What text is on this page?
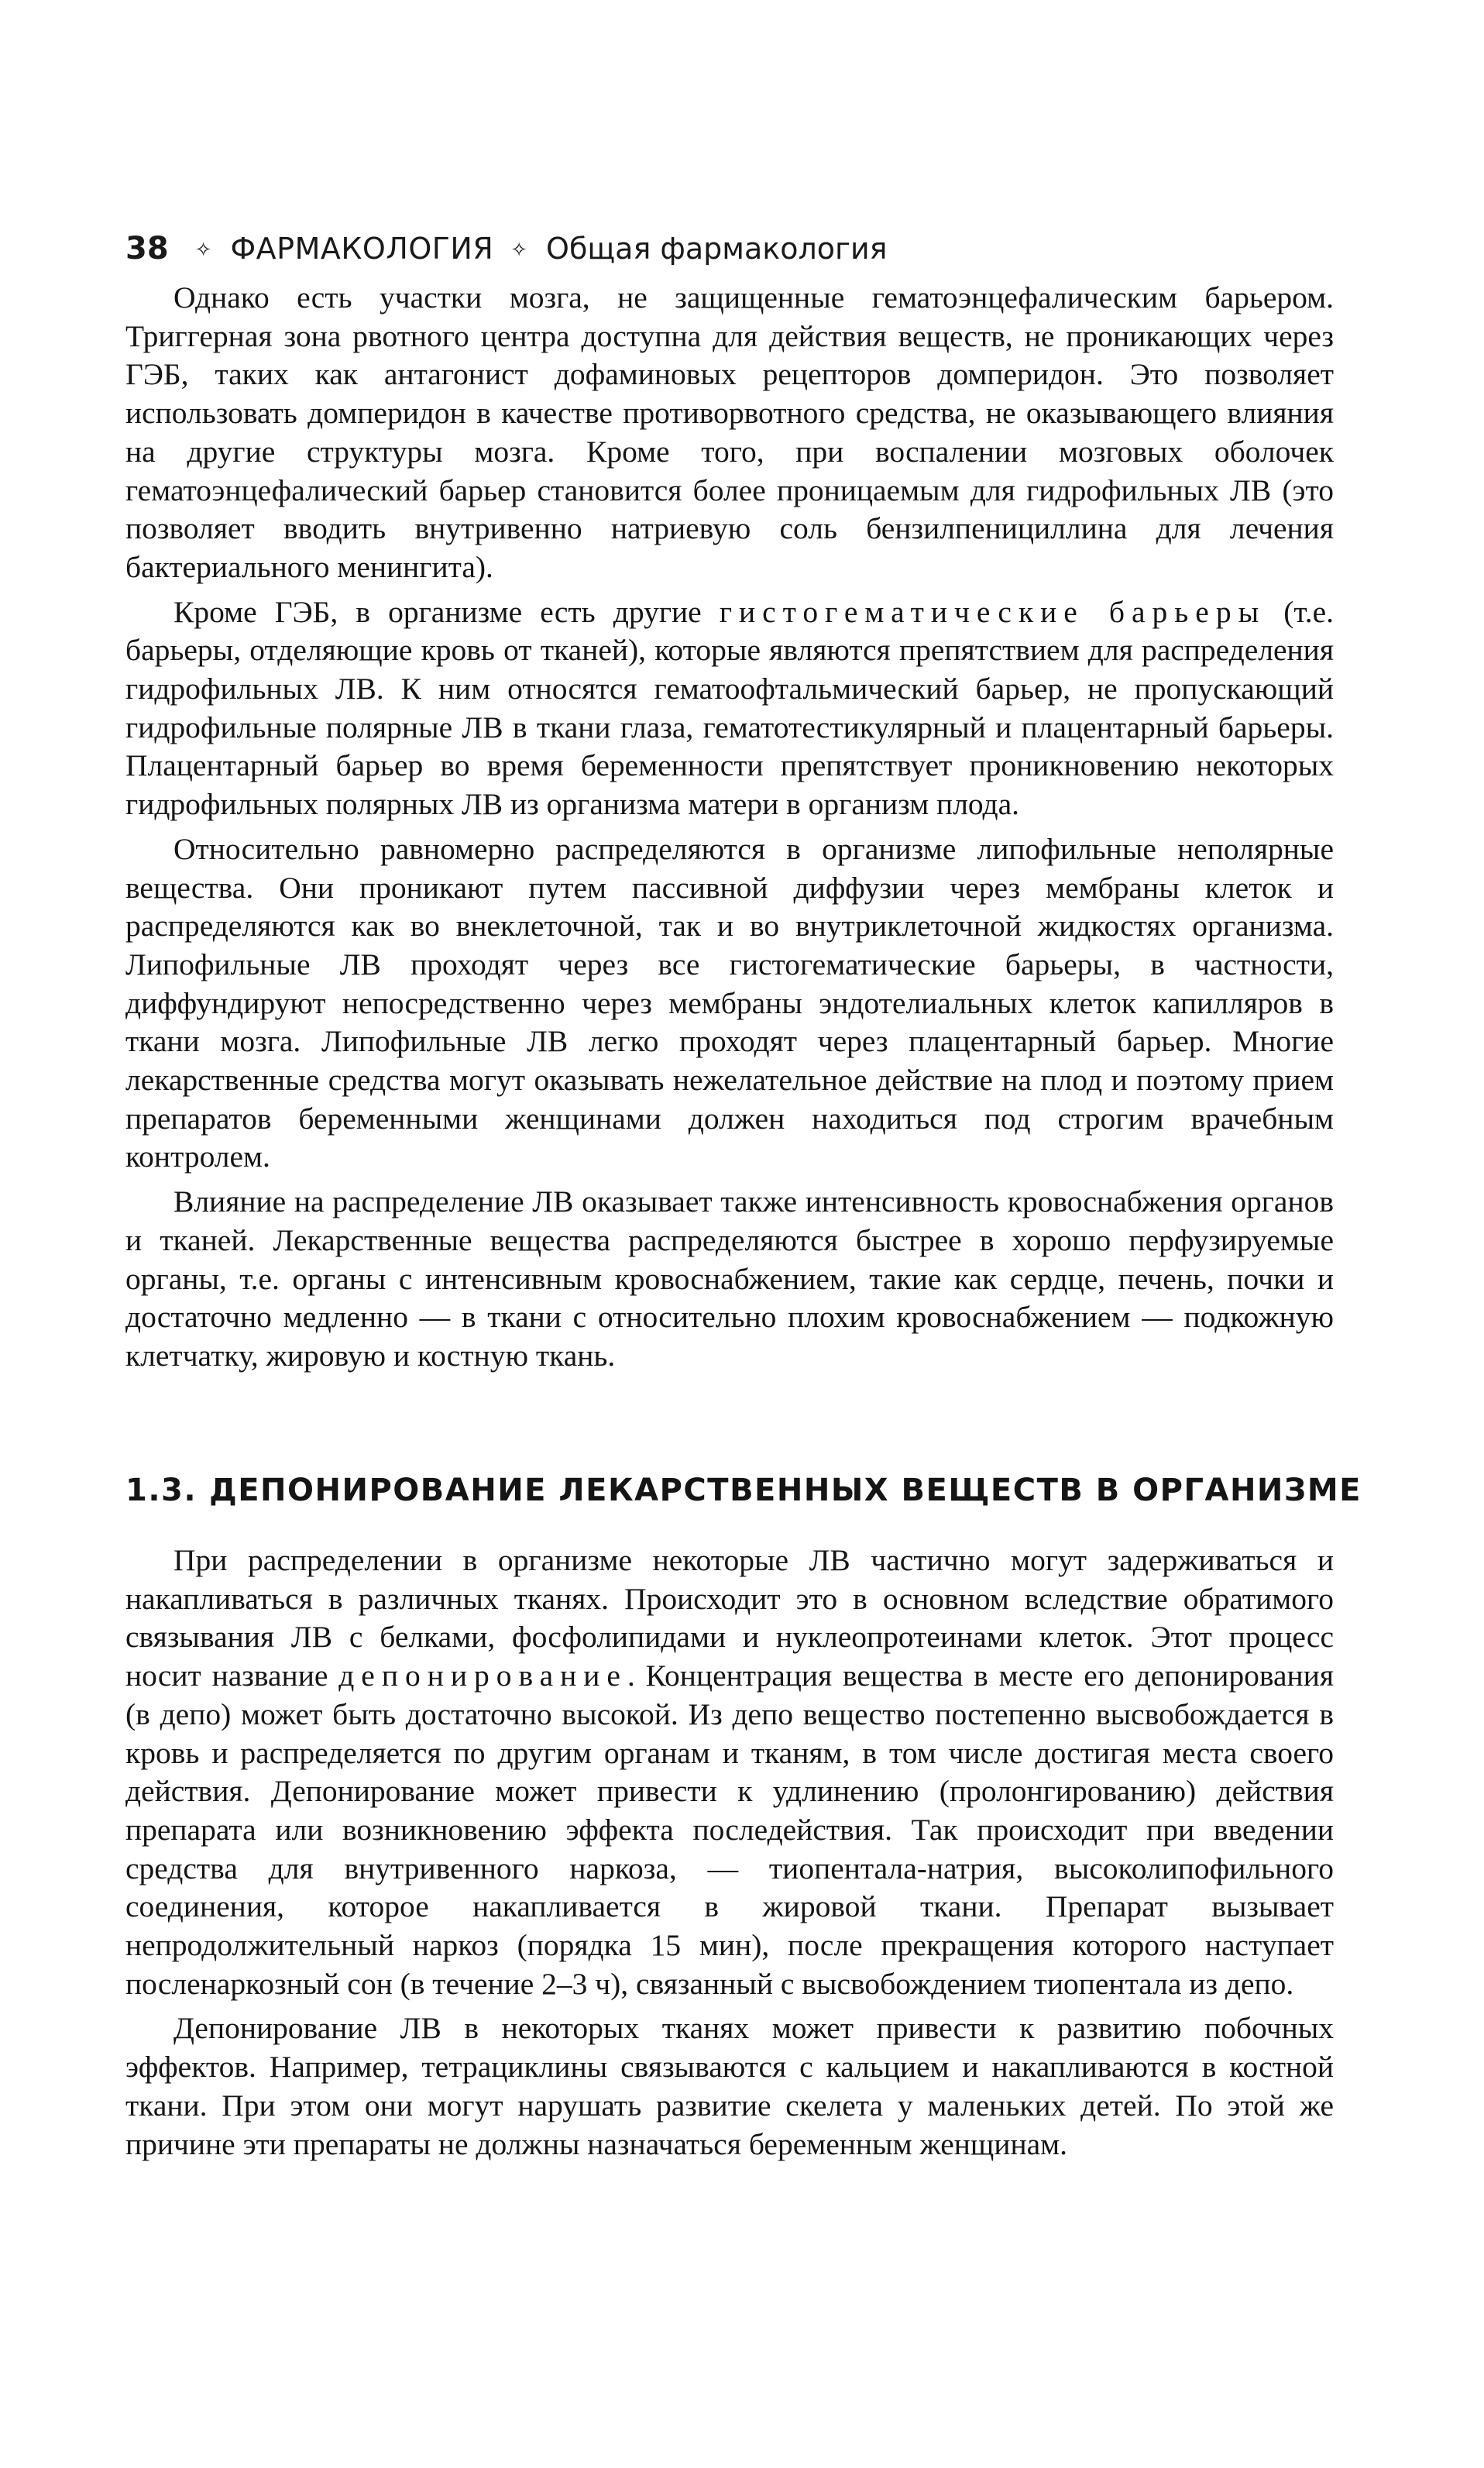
38 ✧ ФАРМАКОЛОГИЯ ✧ Общая фармакология

Однако есть участки мозга, не защищенные гематоэнцефалическим барьером. Триггерная зона рвотного центра доступна для действия веществ, не проникающих через ГЭБ, таких как антагонист дофаминовых рецепторов домперидон. Это позволяет использовать домперидон в качестве противорвотного средства, не оказывающего влияния на другие структуры мозга. Кроме того, при воспалении мозговых оболочек гематоэнцефалический барьер становится более проницаемым для гидрофильных ЛВ (это позволяет вводить внутривенно натриевую соль бензилпенициллина для лечения бактериального менингита).

Кроме ГЭБ, в организме есть другие гистогематические барьеры (т.е. барьеры, отделяющие кровь от тканей), которые являются препятствием для распределения гидрофильных ЛВ. К ним относятся гематоофтальмический барьер, не пропускающий гидрофильные полярные ЛВ в ткани глаза, гематотестикулярный и плацентарный барьеры. Плацентарный барьер во время беременности препятствует проникновению некоторых гидрофильных полярных ЛВ из организма матери в организм плода.

Относительно равномерно распределяются в организме липофильные неполярные вещества. Они проникают путем пассивной диффузии через мембраны клеток и распределяются как во внеклеточной, так и во внутриклеточной жидкостях организма. Липофильные ЛВ проходят через все гистогематические барьеры, в частности, диффундируют непосредственно через мембраны эндотелиальных клеток капилляров в ткани мозга. Липофильные ЛВ легко проходят через плацентарный барьер. Многие лекарственные средства могут оказывать нежелательное действие на плод и поэтому прием препаратов беременными женщинами должен находиться под строгим врачебным контролем.

Влияние на распределение ЛВ оказывает также интенсивность кровоснабжения органов и тканей. Лекарственные вещества распределяются быстрее в хорошо перфузируемые органы, т.е. органы с интенсивным кровоснабжением, такие как сердце, печень, почки и достаточно медленно — в ткани с относительно плохим кровоснабжением — подкожную клетчатку, жировую и костную ткань.

1.3. ДЕПОНИРОВАНИЕ ЛЕКАРСТВЕННЫХ ВЕЩЕСТВ В ОРГАНИЗМЕ

При распределении в организме некоторые ЛВ частично могут задерживаться и накапливаться в различных тканях. Происходит это в основном вследствие обратимого связывания ЛВ с белками, фосфолипидами и нуклеопротеинами клеток. Этот процесс носит название депонирование. Концентрация вещества в месте его депонирования (в депо) может быть достаточно высокой. Из депо вещество постепенно высвобождается в кровь и распределяется по другим органам и тканям, в том числе достигая места своего действия. Депонирование может привести к удлинению (пролонгированию) действия препарата или возникновению эффекта последействия. Так происходит при введении средства для внутривенного наркоза, — тиопентала-натрия, высоколипофильного соединения, которое накапливается в жировой ткани. Препарат вызывает непродолжительный наркоз (порядка 15 мин), после прекращения которого наступает посленаркозный сон (в течение 2–3 ч), связанный с высвобождением тиопентала из депо.

Депонирование ЛВ в некоторых тканях может привести к развитию побочных эффектов. Например, тетрациклины связываются с кальцием и накапливаются в костной ткани. При этом они могут нарушать развитие скелета у маленьких детей. По этой же причине эти препараты не должны назначаться беременным женщинам.
